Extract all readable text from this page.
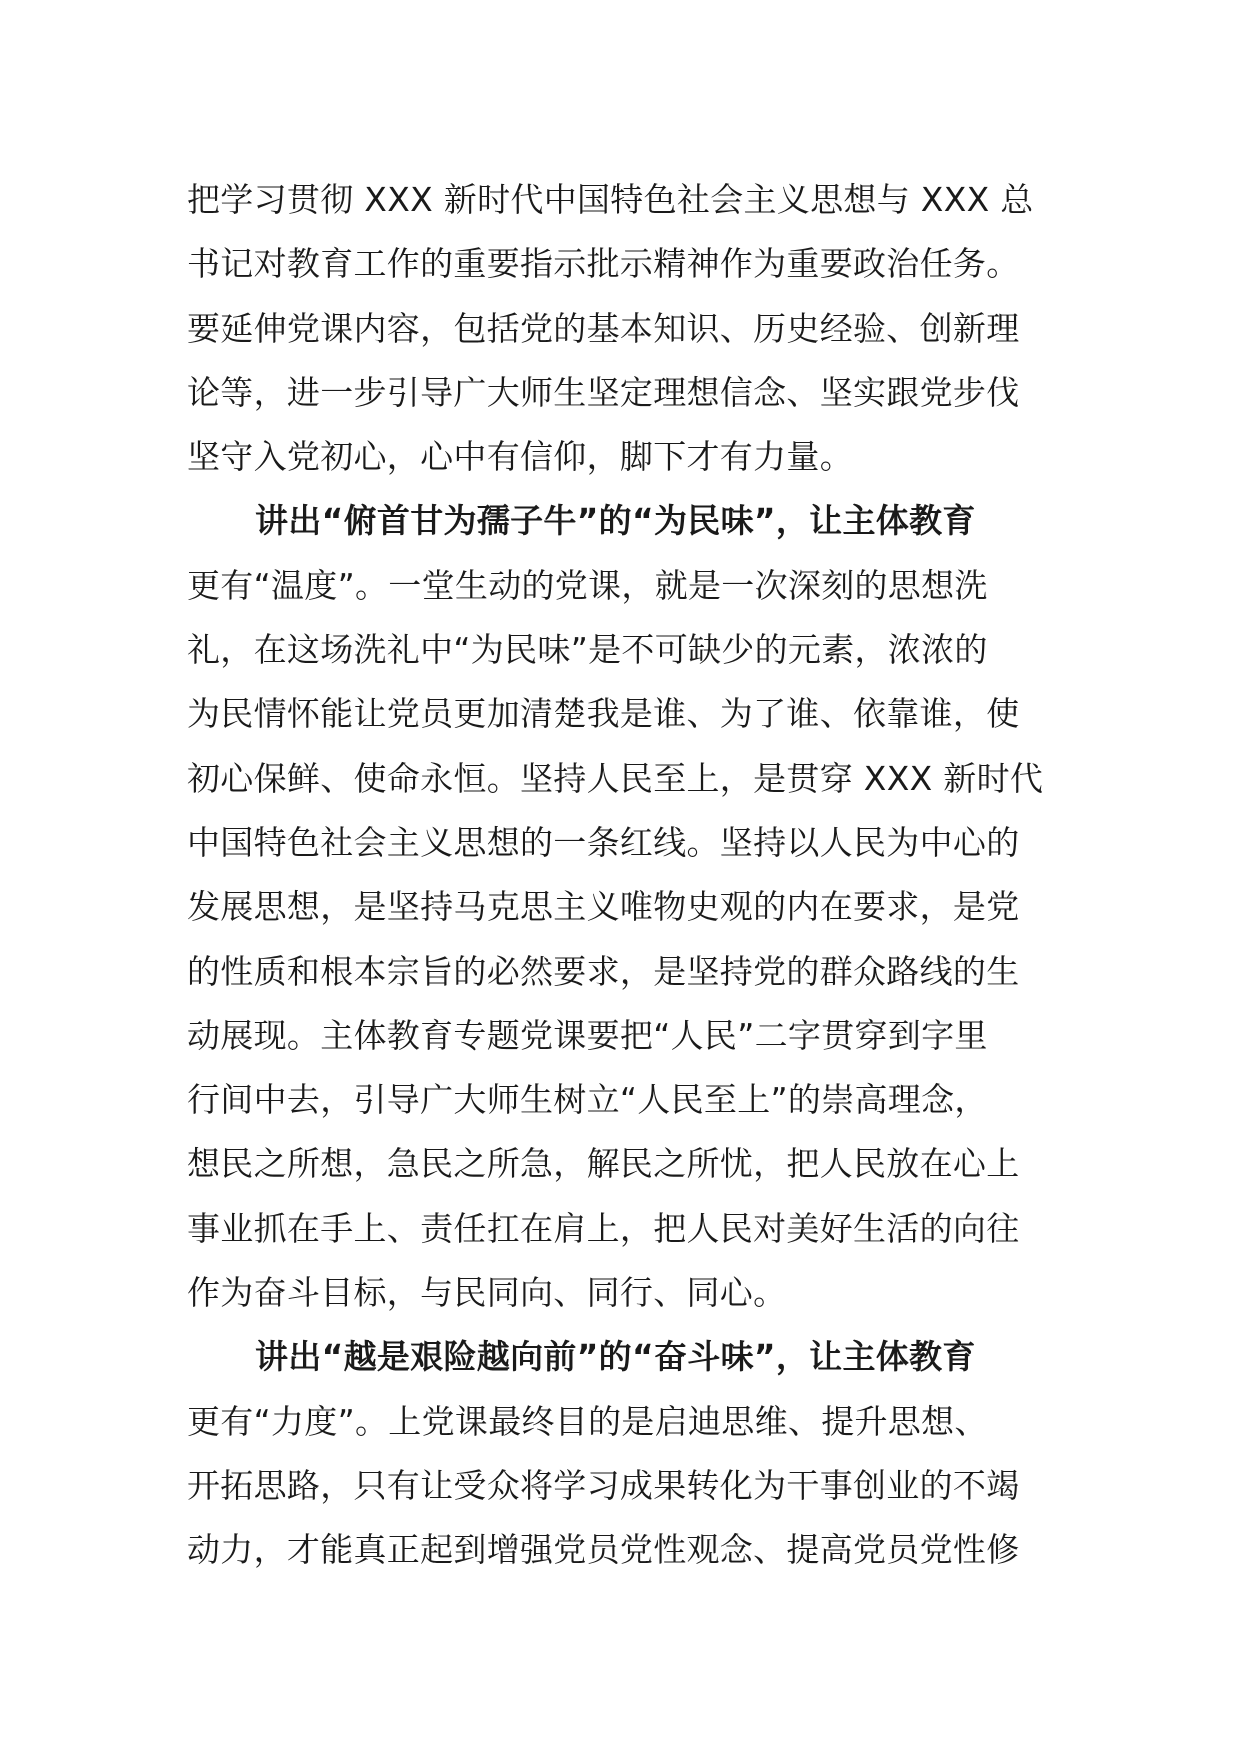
把学习贯彻 XXX 新时代中国特色社会主义思想与 XXX 总
书记对教育工作的重要指示批示精神作为重要政治任务。
要延伸党课内容，包括党的基本知识、历史经验、创新理
论等，进一步引导广大师生坚定理想信念、坚实跟党步伐
坚守入党初心，心中有信仰，脚下才有力量。
讲出“俯首甘为孺子牛”的“为民味”，让主体教育
更有“温度”。一堂生动的党课，就是一次深刻的思想洗
礼，在这场洗礼中“为民味”是不可缺少的元素，浓浓的
为民情怀能让党员更加清楚我是谁、为了谁、依靠谁，使
初心保鲜、使命永恒。坚持人民至上，是贯穿 XXX 新时代
中国特色社会主义思想的一条红线。坚持以人民为中心的
发展思想，是坚持马克思主义唯物史观的内在要求，是党
的性质和根本宗旨的必然要求，是坚持党的群众路线的生
动展现。主体教育专题党课要把“人民”二字贯穿到字里
行间中去，引导广大师生树立“人民至上”的崇高理念，
想民之所想，急民之所急，解民之所忧，把人民放在心上
事业抓在手上、责任扛在肩上，把人民对美好生活的向往
作为奋斗目标，与民同向、同行、同心。
讲出“越是艰险越向前”的“奋斗味”，让主体教育
更有“力度”。上党课最终目的是启迪思维、提升思想、
开拓思路，只有让受众将学习成果转化为干事创业的不竭
动力，才能真正起到增强党员党性观念、提高党员党性修
